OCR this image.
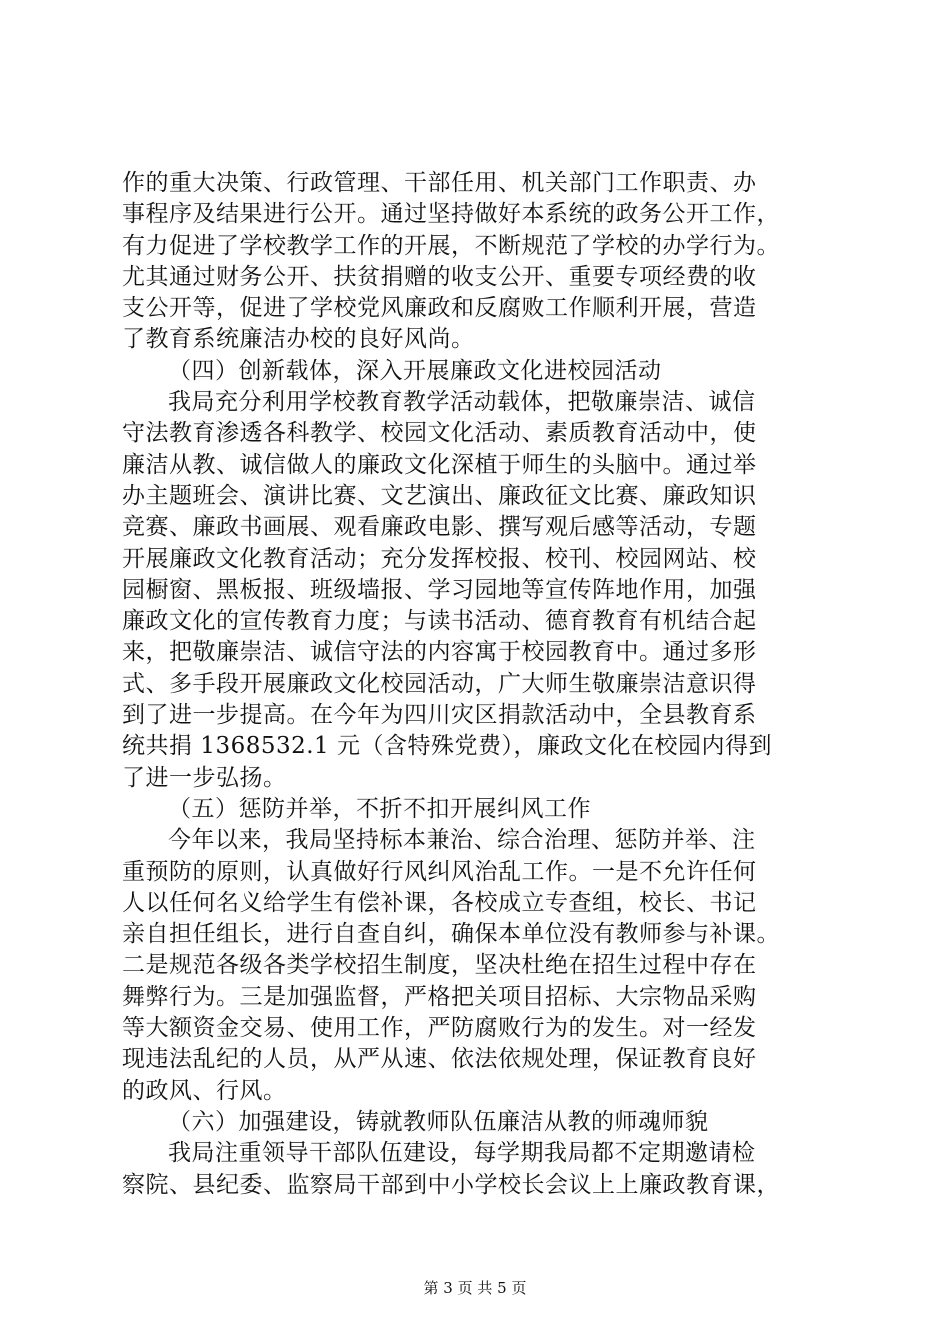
作的重大决策、行政管理、干部任用、机关部门工作职责、办
事程序及结果进行公开。通过坚持做好本系统的政务公开工作，
有力促进了学校教学工作的开展，不断规范了学校的办学行为。
尤其通过财务公开、扶贫捐赠的收支公开、重要专项经费的收
支公开等，促进了学校党风廉政和反腐败工作顺利开展，营造
了教育系统廉洁办校的良好风尚。
（四）创新载体，深入开展廉政文化进校园活动
我局充分利用学校教育教学活动载体，把敬廉崇洁、诚信
守法教育渗透各科教学、校园文化活动、素质教育活动中，使
廉洁从教、诚信做人的廉政文化深植于师生的头脑中。通过举
办主题班会、演讲比赛、文艺演出、廉政征文比赛、廉政知识
竞赛、廉政书画展、观看廉政电影、撰写观后感等活动，专题
开展廉政文化教育活动；充分发挥校报、校刊、校园网站、校
园橱窗、黑板报、班级墙报、学习园地等宣传阵地作用，加强
廉政文化的宣传教育力度；与读书活动、德育教育有机结合起
来，把敬廉崇洁、诚信守法的内容寓于校园教育中。通过多形
式、多手段开展廉政文化校园活动，广大师生敬廉崇洁意识得
到了进一步提高。在今年为四川灾区捐款活动中，全县教育系
统共捐 1368532.1 元（含特殊党费），廉政文化在校园内得到
了进一步弘扬。
（五）惩防并举，不折不扣开展纠风工作
今年以来，我局坚持标本兼治、综合治理、惩防并举、注
重预防的原则，认真做好行风纠风治乱工作。一是不允许任何
人以任何名义给学生有偿补课，各校成立专查组，校长、书记
亲自担任组长，进行自查自纠，确保本单位没有教师参与补课。
二是规范各级各类学校招生制度，坚决杜绝在招生过程中存在
舞弊行为。三是加强监督，严格把关项目招标、大宗物品采购
等大额资金交易、使用工作，严防腐败行为的发生。对一经发
现违法乱纪的人员，从严从速、依法依规处理，保证教育良好
的政风、行风。
（六）加强建设，铸就教师队伍廉洁从教的师魂师貌
我局注重领导干部队伍建设，每学期我局都不定期邀请检
察院、县纪委、监察局干部到中小学校长会议上上廉政教育课，
第 3 页 共 5 页
